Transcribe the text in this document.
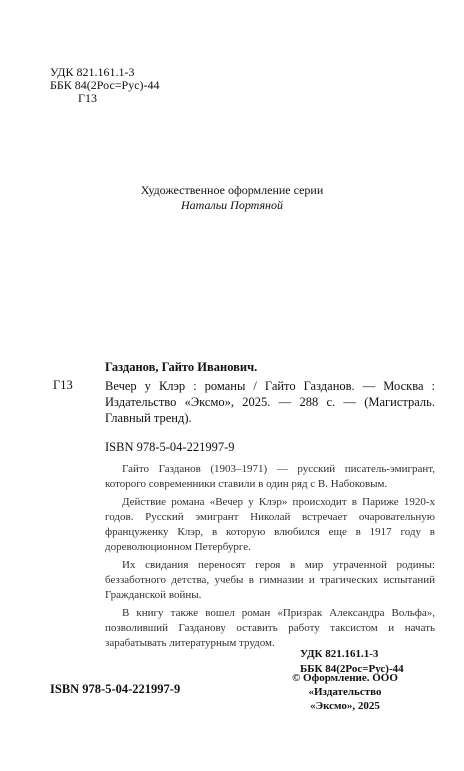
УДК 821.161.1-3
ББК 84(2Рос=Рус)-44
Г13
Художественное оформление серии
Натальи Портяной
Газданов, Гайто Иванович.
Г13	Вечер у Клэр : романы / Гайто Газданов. — Москва : Издательство «Эксмо», 2025. — 288 с. — (Магистраль. Главный тренд).
ISBN 978-5-04-221997-9

Гайто Газданов (1903–1971) — русский писатель-эмигрант, которого современники ставили в один ряд с В. Набоковым.

Действие романа «Вечер у Клэр» происходит в Париже 1920-х годов. Русский эмигрант Николай встречает очаровательную француженку Клэр, в которую влюбился еще в 1917 году в дореволюционном Петербурге.

Их свидания переносят героя в мир утраченной родины: беззаботного детства, учебы в гимназии и трагических испытаний Гражданской войны.

В книгу также вошел роман «Призрак Александра Вольфа», позволивший Газданову оставить работу таксистом и начать зарабатывать литературным трудом.

УДК 821.161.1-3
ББК 84(2Рос=Рус)-44
ISBN 978-5-04-221997-9
© Оформление. ООО «Издательство
«Эксмо», 2025
